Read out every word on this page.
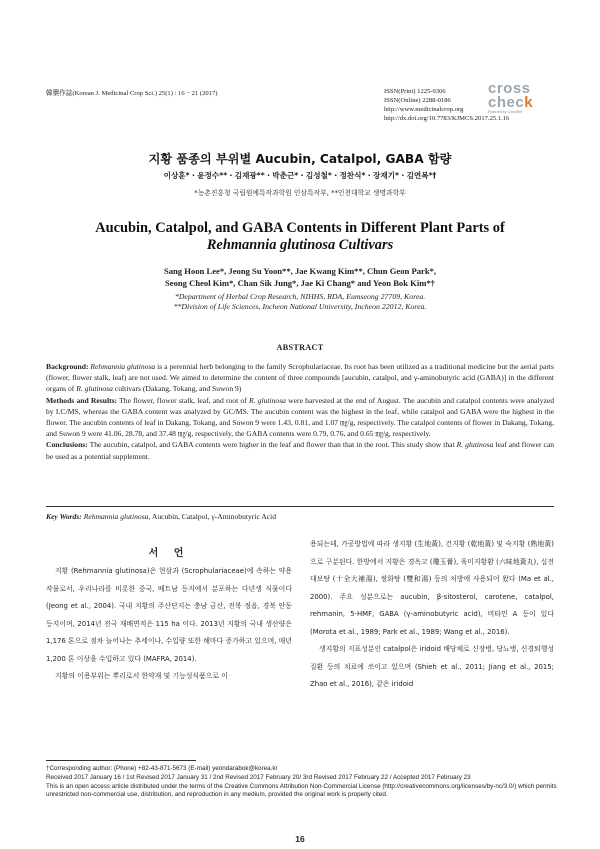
韓藥作誌(Korean J. Medicinal Crop Sci.) 25(1) : 16 − 21 (2017)	ISSN(Print) 1225-9306
ISSN(Online) 2288-0186
http://www.medicinalcrop.org
http://dx.doi.org/10.7783/KJMCS.2017.25.1.16
cross
check
Powered by CrossRef
지황 품종의 부위별 Aucubin, Catalpol, GABA 함량
이상훈*・윤정수**・김재광**・박춘근*・김성철*・정찬식*・장재기*・김연복*†
*농촌진흥청 국립원예특작과학원 인삼특작부, **인천대학교 생명과학부
Aucubin, Catalpol, and GABA Contents in Different Plant Parts of
Rehmannia glutinosa Cultivars
Sang Hoon Lee*, Jeong Su Yoon**, Jae Kwang Kim**, Chun Geon Park*,
Seong Cheol Kim*, Chan Sik Jung*, Jae Ki Chang* and Yeon Bok Kim*†
*Department of Herbal Crop Research, NIHHS, RDA, Eumseong 27709, Korea.
**Division of Life Sciences, Incheon National University, Incheon 22012, Korea.
ABSTRACT

Background: Rehmannia glutinosa is a perennial herb belonging to the family Scrophulariaceae. Its root has been utilized as a traditional medicine but the aerial parts (flower, flower stalk, leaf) are not used. We aimed to determine the content of three compounds [aucubin, catalpol, and γ-aminobutyric acid (GABA)] in the different organs of R. glutinosa cultivars (Dakang, Tokang, and Suwon 9)

Methods and Results: The flower, flower stalk, leaf, and root of R. glutinosa were harvested at the end of August. The aucubin and catalpol contents were analyzed by LC/MS, whereas the GABA content was analyzed by GC/MS. The aucubin content was the highest in the leaf, while catalpol and GABA were the highest in the flower. The aucubin contents of leaf in Dakang, Tokang, and Suwon 9 were 1.43, 0.81, and 1.07 ㎎/g, respectively. The catalpol contents of flower in Dakang, Tokang, and Suwon 9 were 41.06, 28.78, and 37.48 ㎎/g, respectively, the GABA contents were 0.79, 0.76, and 0.65 ㎎/g, respectively.

Conclusions: The aucubin, catalpol, and GABA contents were higher in the leaf and flower than that in the root. This study show that R. glutinosa leaf and flower can be used as a potential supplement.

Key Words: Rehmannia glutinosa, Aucubin, Catalpol, γ-Aminobutyric Acid
서 언

지황 (Rehmannia glutinosa)은 현삼과 (Scrophulariaceae)에 속하는 약용작물로서, 우리나라를 비롯한 중국, 베트남 등지에서 분포하는 다년생 식물이다 (Jeong et al., 2004). 국내 지황의 주산단지는 충남 금산, 전북 정읍, 경북 안동 등지이며, 2014년 전국 재배면적은 115 ha 이다. 2013년 지황의 국내 생산량은 1,176 톤으로 점차 늘어나는 추세이나, 수입량 또한 해마다 증가하고 있으며, 매년 1,200 톤 이상을 수입하고 있다 (MAFRA, 2014).

지황의 이용부위는 뿌리로서 한약재 및 기능성식품으로 이

용되는데, 가공방법에 따라 생지황 (生地黃), 건지황 (乾地黃) 및 숙지황 (熟地黃)으로 구분된다. 한방에서 지황은 경옥고 (瓊玉膏), 육미지황환 (六味地黃丸), 십전대보탕 (十全大補湯), 쌍화탕 (雙和湯) 등의 처방에 사용되어 왔다 (Ma et al., 2000). 주요 성분으로는 aucubin, β-sitosterol, carotene, catalpol, rehmanin, 5-HMF, GABA (γ-aminobutyric acid), 비타민 A 등이 있다 (Morota et al., 1989; Park et al., 1989; Wang et al., 2016).

생지황의 지표성분인 catalpol은 iridoid 배당체로 신장병, 당뇨병, 신경퇴행성질환 등의 치료에 쓰이고 있으며 (Shieh et al., 2011; Jiang et al., 2015; Zhao et al., 2016), 같은 iridoid

†Corresponding author: (Phone) +82-43-871-5673 (E-mail) yeondarabok@korea.kr
Received 2017 January 16 / 1st Revised 2017 January 31 / 2nd Revised 2017 February 20/ 3rd Revised 2017 February 22 / Accepted 2017 February 23
This is an open access article distributed under the terms of the Creative Commons Attribution Non-Commercial License (http://creativecommons.org/licenses/by-nc/3.0/) which permits unrestricted non-commercial use, distribution, and reproduction in any medium, provided the original work is properly cited.
16
